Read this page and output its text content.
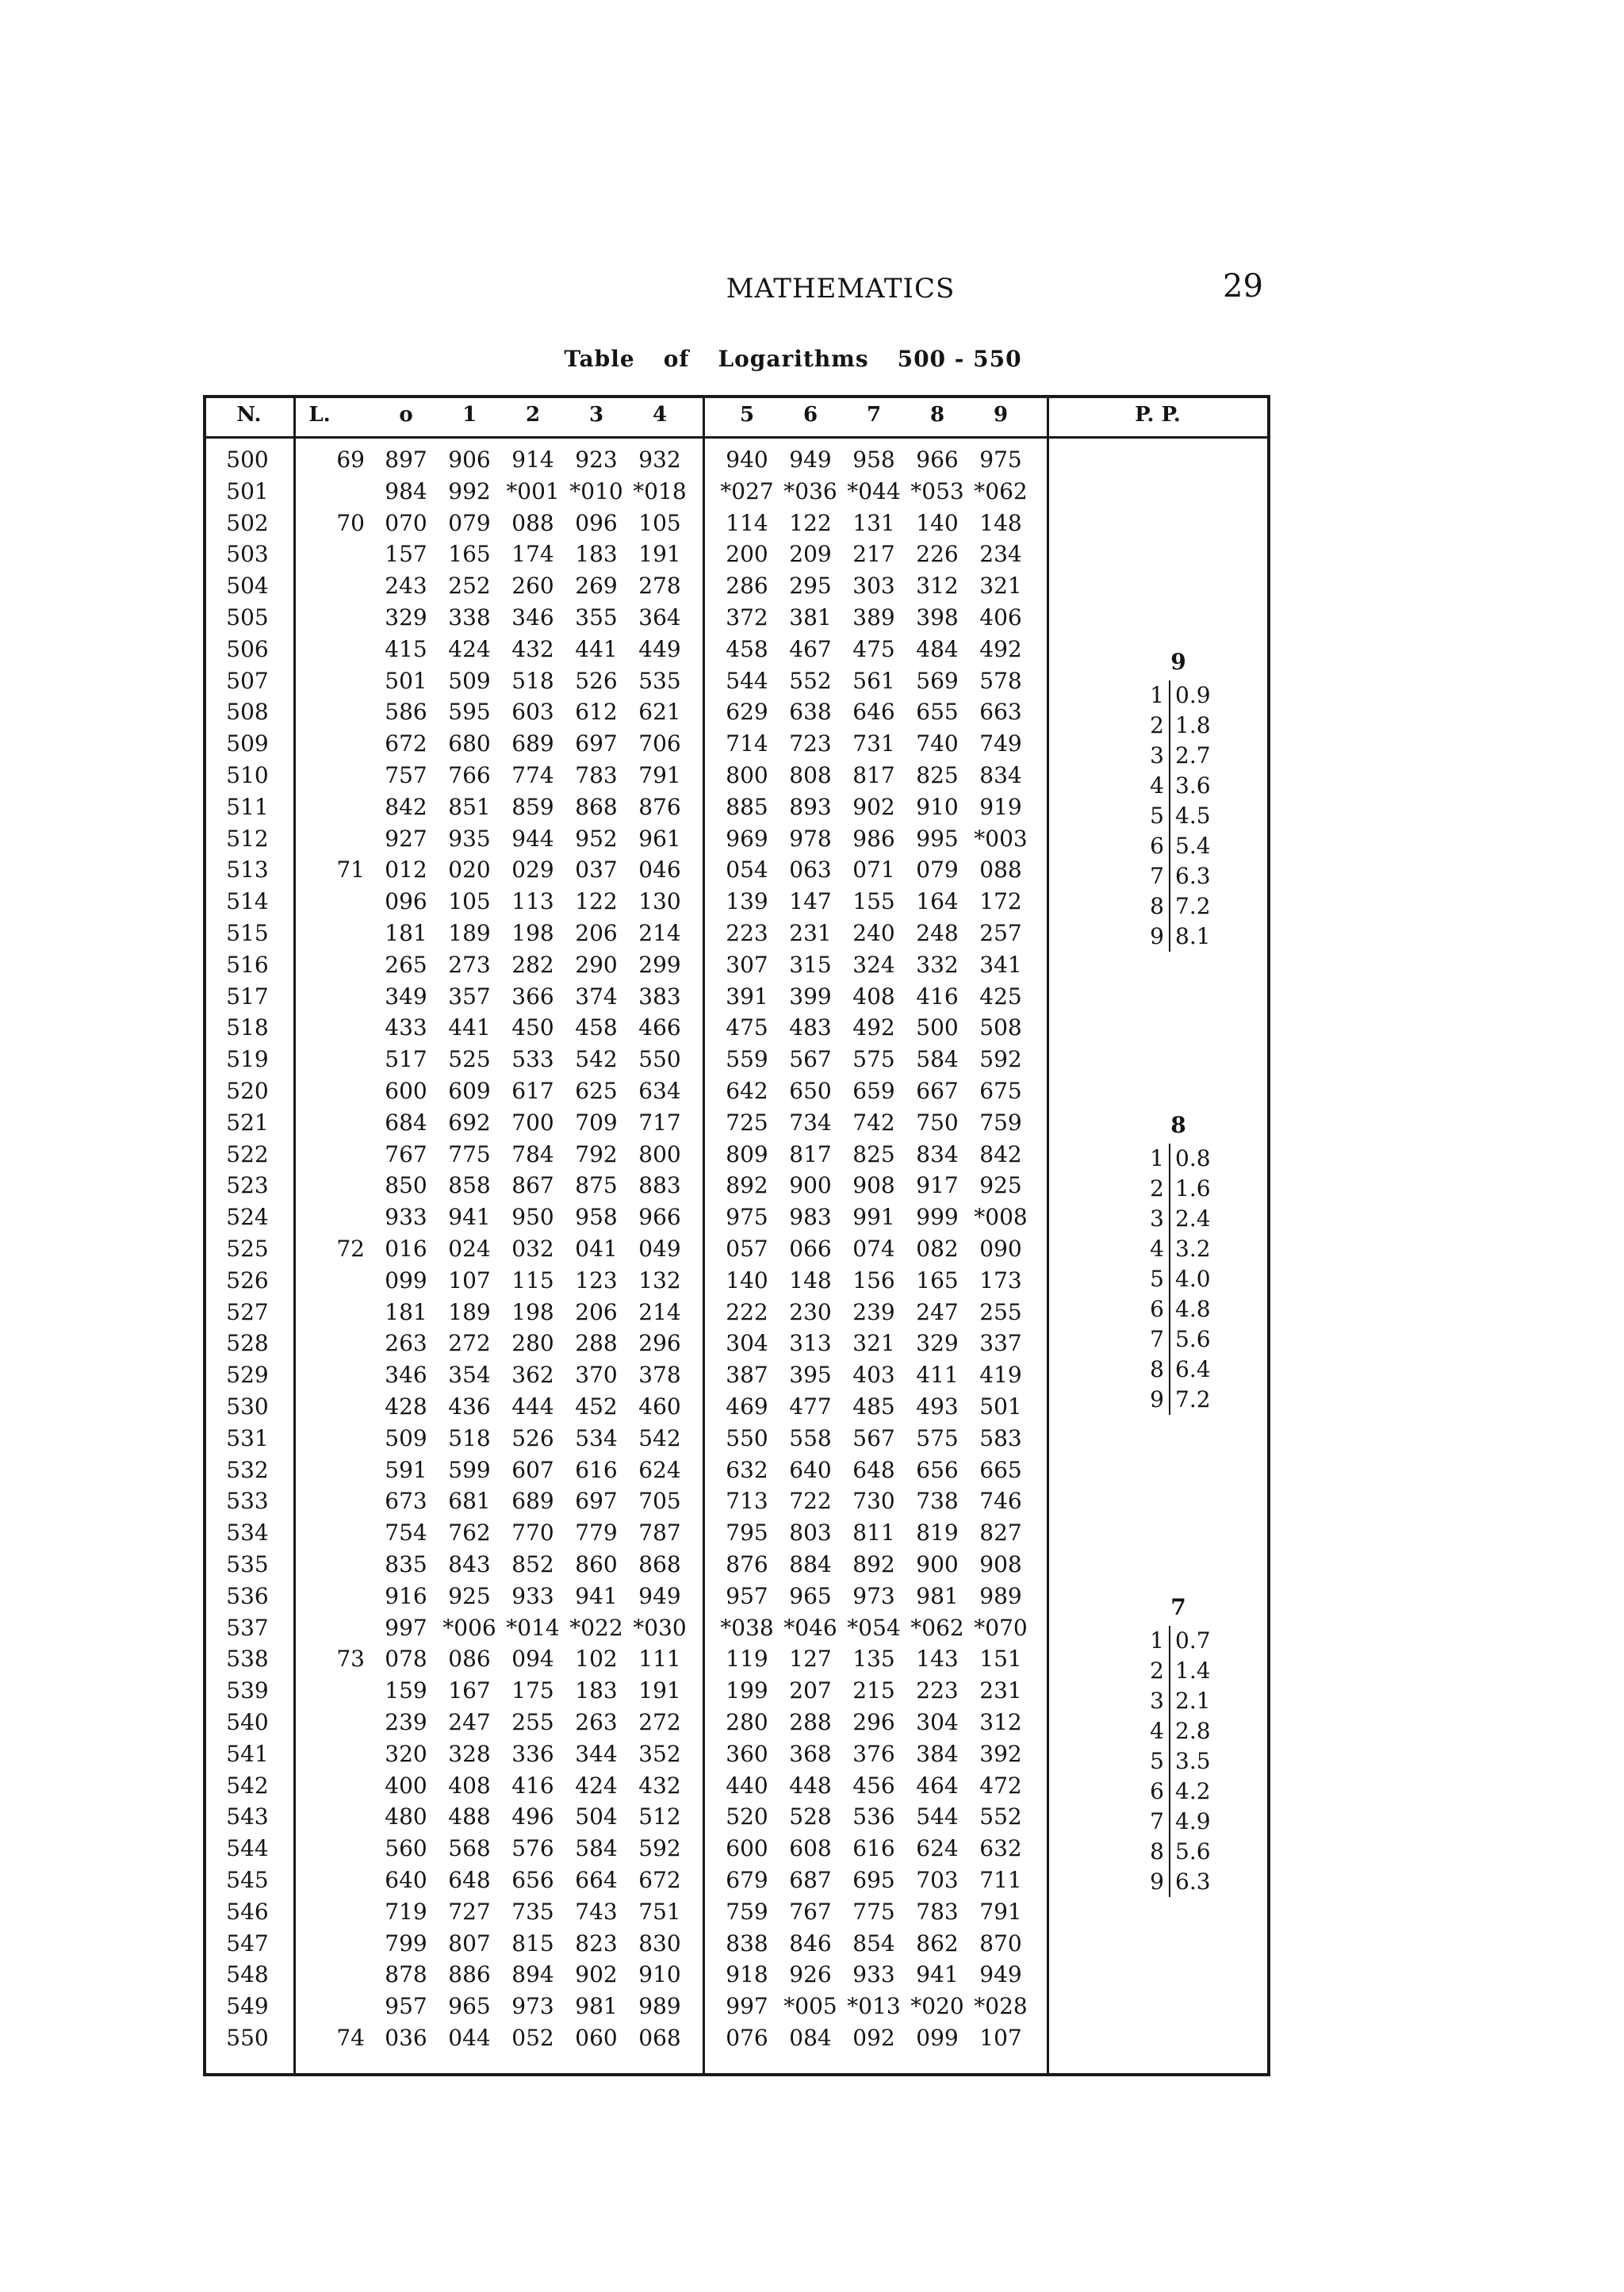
MATHEMATICS	29
Table of Logarithms 500 - 550
N.	L.	o	1	2	3	4	5	6	7	8	9	P. P.
500	69 897 906 914 923 932	940 949 958 966 975
501	984 992 *001 *010 *018 *027 *036 *044 *053 *062
502	70 070 079 088 096 105	114 122 131 140 148
503	157 165 174 183 191	200 209 217 226 234
504	243 252 260 269 278	286 295 303 312 321
505	329 338 346 355 364	372 381 389 398 406
506	415 424 432 441 449	458 467 475 484 492
507	501 509 518 526 535	544 552 561 569 578
508	586 595 603 612 621	629 638 646 655 663
509	672 680 689 697 706	714 723 731 740 749
510	757 766 774 783 791	800 808 817 825 834
511	842 851 859 868 876	885 893 902 910 919
512	927 935 944 952 961	969 978 986 995 *003
513	71 012 020 029 037 046	054 063 071 079 088
514	096 105 113 122 130	139 147 155 164 172
515	181 189 198 206 214	223 231 240 248 257
516	265 273 282 290 299	307 315 324 332 341
517	349 357 366 374 383	391 399 408 416 425
518	433 441 450 458 466	475 483 492 500 508
519	517 525 533 542 550	559 567 575 584 592
520	600 609 617 625 634	642 650 659 667 675
521	684 692 700 709 717	725 734 742 750 759
522	767 775 784 792 800	809 817 825 834 842
523	850 858 867 875 883	892 900 908 917 925
524	933 941 950 958 966	975 983 991 999 *008
525	72 016 024 032 041 049	057 066 074 082 090
526	099 107 115 123 132	140 148 156 165 173
527	181 189 198 206 214	222 230 239 247 255
528	263 272 280 288 296	304 313 321 329 337
529	346 354 362 370 378	387 395 403 411 419
530	428 436 444 452 460	469 477 485 493 501
531	509 518 526 534 542	550 558 567 575 583
532	591 599 607 616 624	632 640 648 656 665
533	673 681 689 697 705	713 722 730 738 746
534	754 762 770 779 787	795 803 811 819 827
535	835 843 852 860 868	876 884 892 900 908
536	916 925 933 941 949	957 965 973 981 989
537	997 *006 *014 *022 *030 *038 *046 *054 *062 *070
538	73 078 086 094 102 111	119 127 135 143 151
539	159 167 175 183 191	199 207 215 223 231
540	239 247 255 263 272	280 288 296 304 312
541	320 328 336 344 352	360 368 376 384 392
542	400 408 416 424 432	440 448 456 464 472
543	480 488 496 504 512	520 528 536 544 552
544	560 568 576 584 592	600 608 616 624 632
545	640 648 656 664 672	679 687 695 703 711
546	719 727 735 743 751	759 767 775 783 791
547	799 807 815 823 830	838 846 854 862 870
548	878 886 894 902 910	918 926 933 941 949
549	957 965 973 981 989	997 *005 *013 *020 *028
550	74 036 044 052 060 068	076 084 092 099 107
9
1 0.9
2 1.8
3 2.7
4 3.6
5 4.5
6 5.4
7 6.3
8 7.2
9 8.1
8
1 0.8
2 1.6
3 2.4
4 3.2
5 4.0
6 4.8
7 5.6
8 6.4
9 7.2
7
1 0.7
2 1.4
3 2.1
4 2.8
5 3.5
6 4.2
7 4.9
8 5.6
9 6.3
